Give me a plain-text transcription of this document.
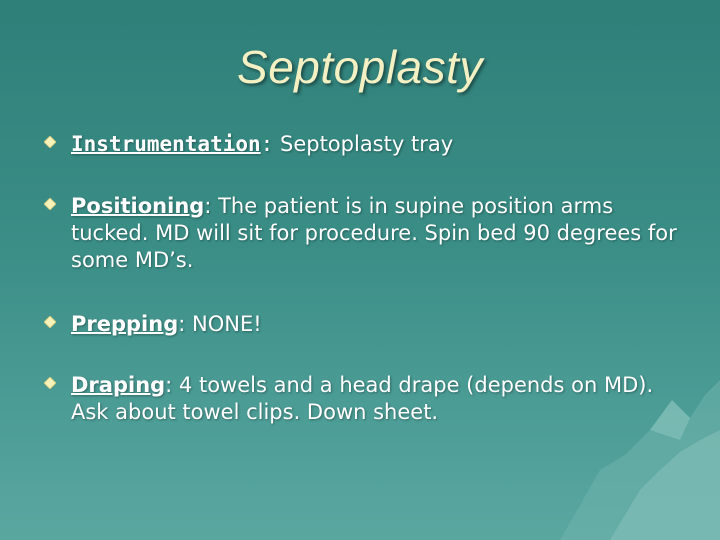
Septoplasty
Instrumentation: Septoplasty tray
Positioning: The patient is in supine position arms tucked. MD will sit for procedure. Spin bed 90 degrees for some MD’s.
Prepping: NONE!
Draping: 4 towels and a head drape (depends on MD). Ask about towel clips. Down sheet.
